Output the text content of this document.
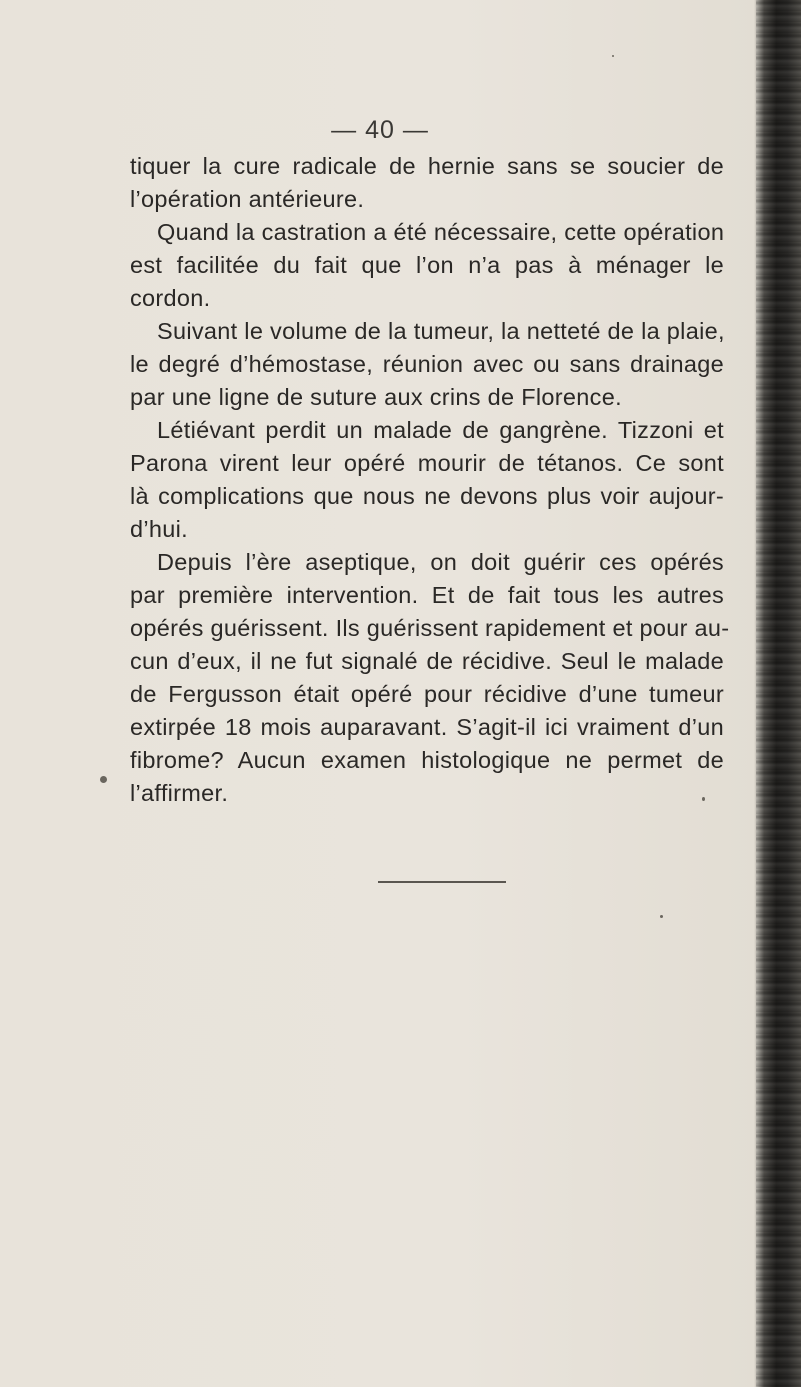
— 40 —
tiquer la cure radicale de hernie sans se soucier de
l’opération antérieure.
Quand la castration a été nécessaire, cette opération
est facilitée du fait que l’on n’a pas à ménager le
cordon.
Suivant le volume de la tumeur, la netteté de la plaie,
le degré d’hémostase, réunion avec ou sans drainage
par une ligne de suture aux crins de Florence.
Létiévant perdit un malade de gangrène. Tizzoni et
Parona virent leur opéré mourir de tétanos. Ce sont
là complications que nous ne devons plus voir aujour-
d’hui.
Depuis l’ère aseptique, on doit guérir ces opérés
par première intervention. Et de fait tous les autres
opérés guérissent. Ils guérissent rapidement et pour au-
cun d’eux, il ne fut signalé de récidive. Seul le malade
de Fergusson était opéré pour récidive d’une tumeur
extirpée 18 mois auparavant. S’agit-il ici vraiment d’un
fibrome? Aucun examen histologique ne permet de
l’affirmer.
